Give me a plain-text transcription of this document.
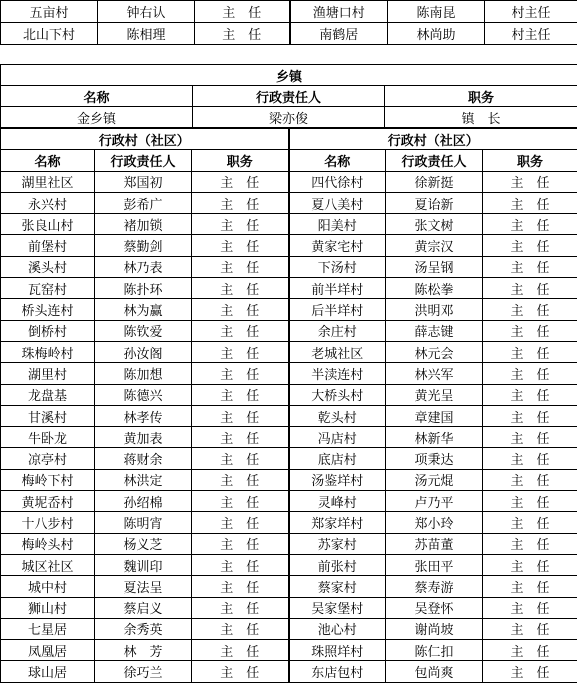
五亩村	钟右认	主　任	渔塘口村	陈南昆	村主任
北山下村	陈相理	主　任	南鹤居	林尚助	村主任
乡镇		
名称	行政责任人	职务
金乡镇	梁亦俊	镇　长
行政村（社区）			行政村（社区）		
名称	行政责任人	职务	名称	行政责任人	职务
湖里社区	郑国初	主　任	四代徐村	徐新挺	主　任
永兴村	彭希广	主　任	夏八美村	夏诒新	主　任
张良山村	褚加锁	主　任	阳美村	张文树	主　任
前堡村	蔡勤剑	主　任	黄家宅村	黄宗汉	主　任
溪头村	林乃表	主　任	下汤村	汤呈钢	主　任
瓦窑村	陈扑环	主　任	前半垟村	陈松拳	主　任
桥头连村	林为赢	主　任	后半垟村	洪明邓	主　任
倒桥村	陈钦爱	主　任	余庄村	薛志键	主　任
珠梅岭村	孙汝阁	主　任	老城社区	林元会	主　任
湖里村	陈加想	主　任	半渎连村	林兴军	主　任
龙盘基	陈德兴	主　任	大桥头村	黄光呈	主　任
甘溪村	林孝传	主　任	乾头村	章建国	主　任
牛卧龙	黄加表	主　任	冯店村	林新华	主　任
凉亭村	蒋财余	主　任	底店村	项秉达	主　任
梅岭下村	林洪定	主　任	汤鉴垟村	汤元焜	主　任
黄坭岙村	孙绍棉	主　任	灵峰村	卢乃平	主　任
十八步村	陈明宵	主　任	郑家垟村	郑小玲	主　任
梅岭头村	杨义芝	主　任	苏家村	苏苗董	主　任
城区社区	魏训印	主　任	前张村	张田平	主　任
城中村	夏法呈	主　任	蔡家村	蔡寿游	主　任
狮山村	蔡启义	主　任	吴家堡村	吴登怀	主　任
七星居	余秀英	主　任	池心村	谢尚坡	主　任
凤凰居	林　芳	主　任	珠照垟村	陈仁扣	主　任
球山居	徐巧兰	主　任	东店包村	包尚爽	主　任
